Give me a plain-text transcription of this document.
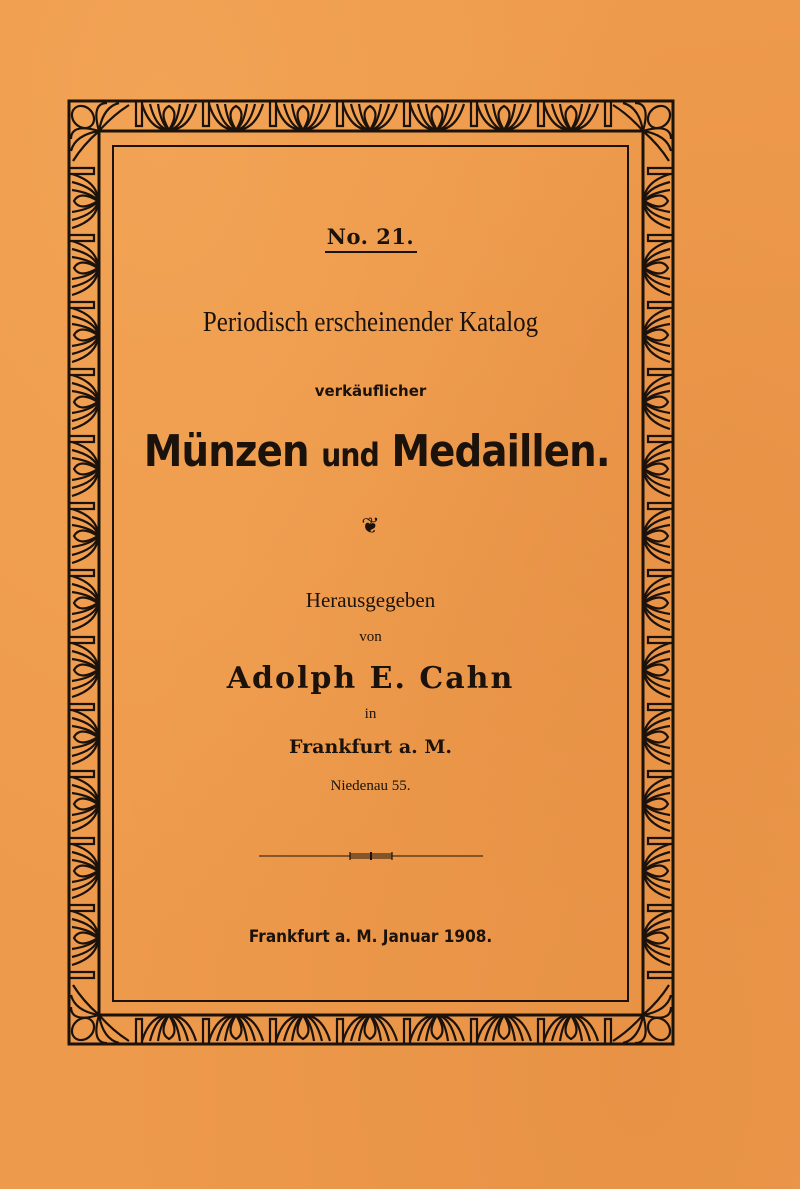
No. 21.
Periodisch erscheinender Katalog
verkäuflicher
Münzen und Medaillen.
❦
Herausgegeben
von
Adolph E. Cahn
in
Frankfurt a. M.
Niedenau 55.
Frankfurt a. M. Januar 1908.
